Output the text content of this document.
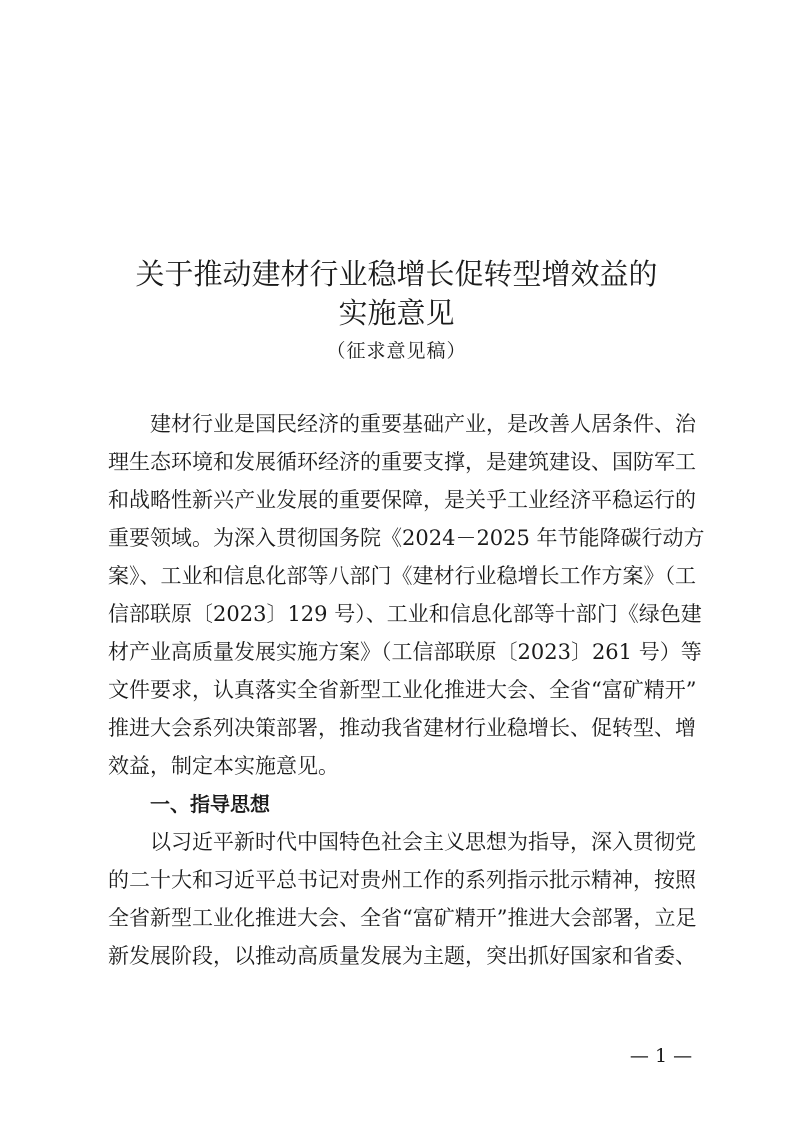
关于推动建材行业稳增长促转型增效益的
实施意见

（征求意见稿）

建材行业是国民经济的重要基础产业，是改善人居条件、治

理生态环境和发展循环经济的重要支撑，是建筑建设、国防军工

和战略性新兴产业发展的重要保障，是关乎工业经济平稳运行的

重要领域。为深入贯彻国务院《2024－2025 年节能降碳行动方

案》、工业和信息化部等八部门《建材行业稳增长工作方案》（工

信部联原〔2023〕129 号）、工业和信息化部等十部门《绿色建

材产业高质量发展实施方案》（工信部联原〔2023〕261 号）等

文件要求，认真落实全省新型工业化推进大会、全省“富矿精开”

推进大会系列决策部署，推动我省建材行业稳增长、促转型、增

效益，制定本实施意见。

一、指导思想

以习近平新时代中国特色社会主义思想为指导，深入贯彻党

的二十大和习近平总书记对贵州工作的系列指示批示精神，按照

全省新型工业化推进大会、全省“富矿精开”推进大会部署，立足

新发展阶段，以推动高质量发展为主题，突出抓好国家和省委、

— 1 —
